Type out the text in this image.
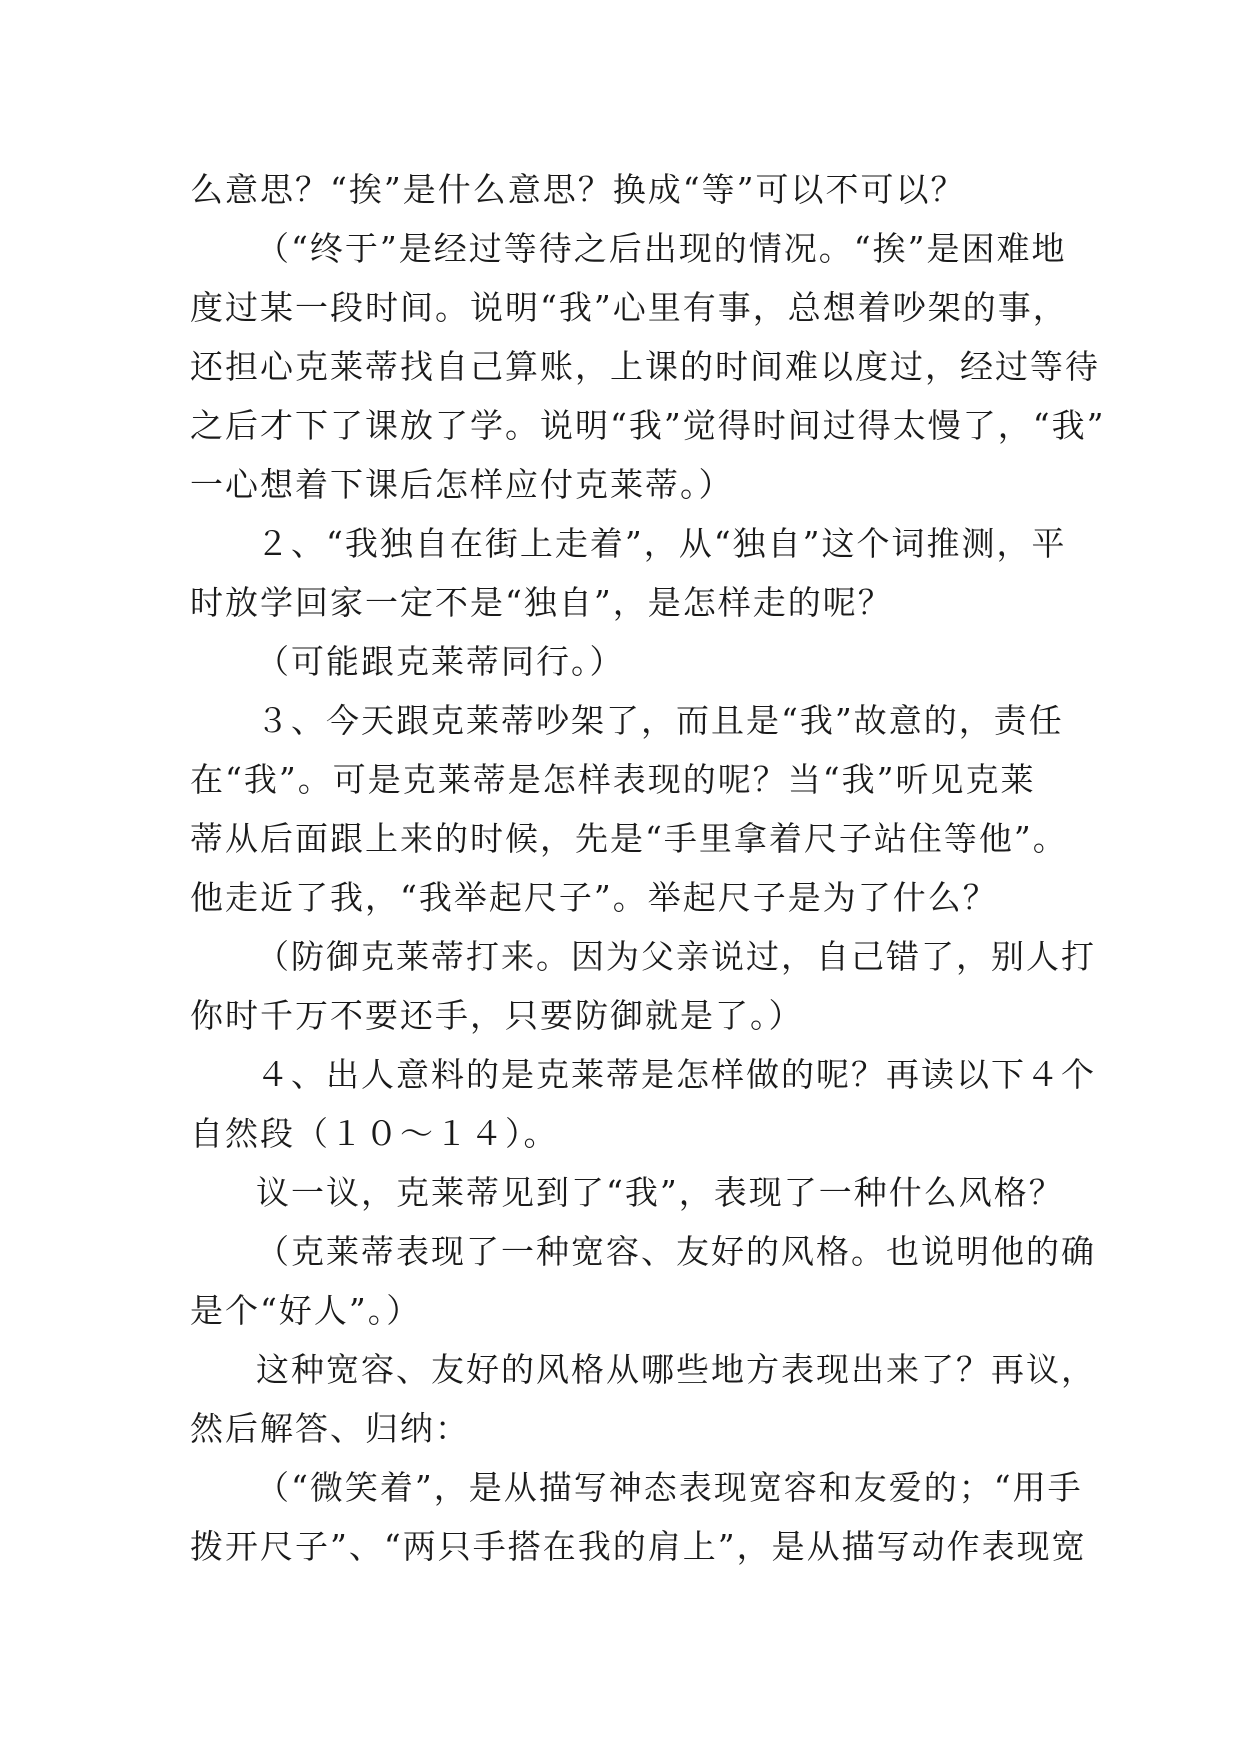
么意思？“挨”是什么意思？换成“等”可以不可以？
（“终于”是经过等待之后出现的情况。“挨”是困难地
度过某一段时间。说明“我”心里有事，总想着吵架的事，
还担心克莱蒂找自己算账，上课的时间难以度过，经过等待
之后才下了课放了学。说明“我”觉得时间过得太慢了，“我”
一心想着下课后怎样应付克莱蒂。）
２、“我独自在街上走着”，从“独自”这个词推测，平
时放学回家一定不是“独自”，是怎样走的呢？
（可能跟克莱蒂同行。）
３、今天跟克莱蒂吵架了，而且是“我”故意的，责任
在“我”。可是克莱蒂是怎样表现的呢？当“我”听见克莱
蒂从后面跟上来的时候，先是“手里拿着尺子站住等他”。
他走近了我，“我举起尺子”。举起尺子是为了什么？
（防御克莱蒂打来。因为父亲说过，自己错了，别人打
你时千万不要还手，只要防御就是了。）
４、出人意料的是克莱蒂是怎样做的呢？再读以下４个
自然段（１０～１４）。
议一议，克莱蒂见到了“我”，表现了一种什么风格？
（克莱蒂表现了一种宽容、友好的风格。也说明他的确
是个“好人”。）
这种宽容、友好的风格从哪些地方表现出来了？再议，
然后解答、归纳：
（“微笑着”，是从描写神态表现宽容和友爱的；“用手
拨开尺子”、“两只手搭在我的肩上”，是从描写动作表现宽
